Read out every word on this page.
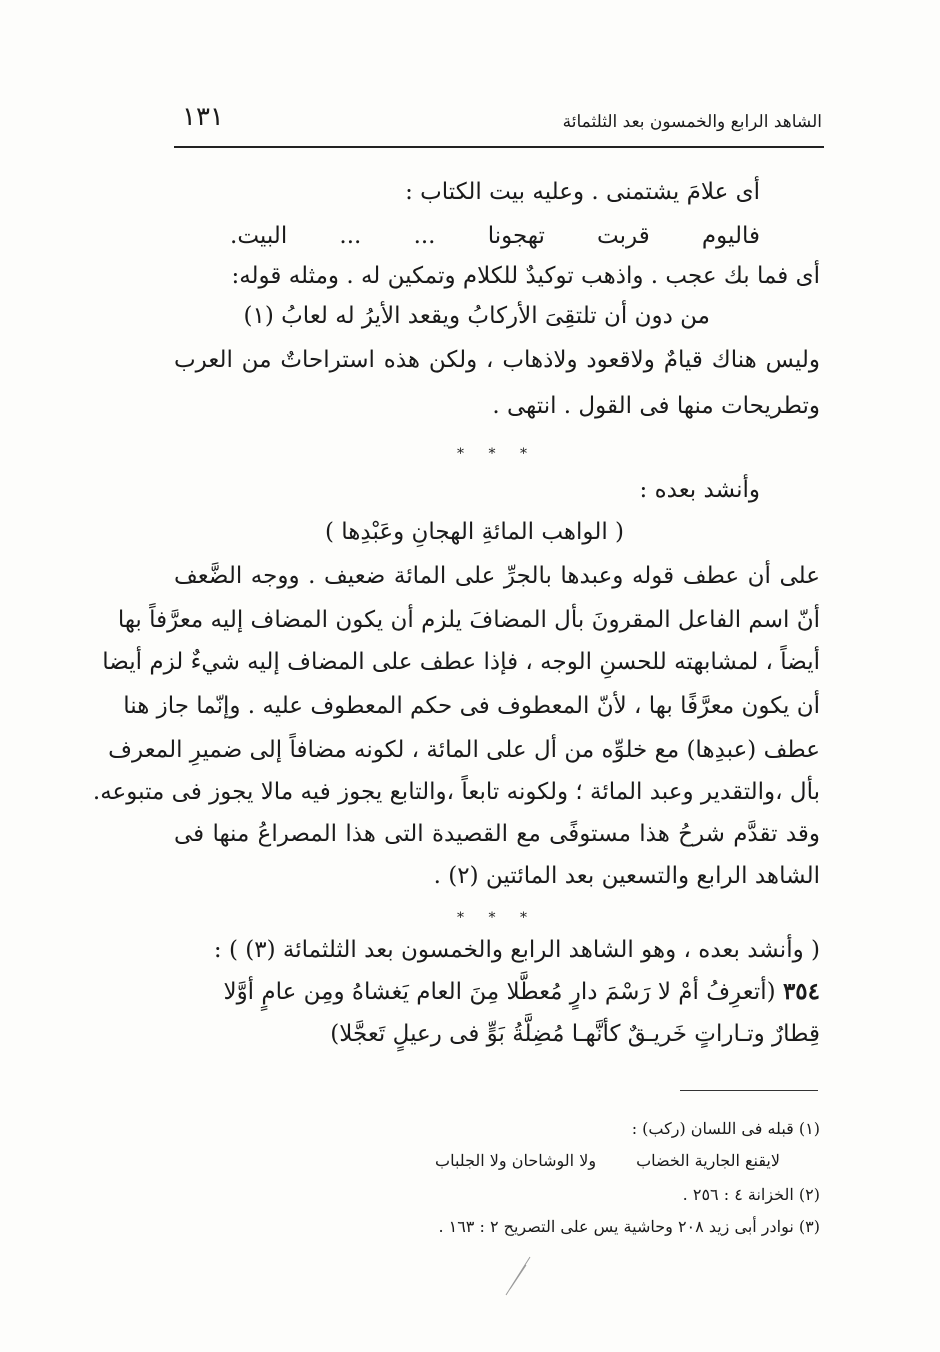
الشاهد الرابع والخمسون بعد الثلثمائة
١٣١
أى علامَ يشتمنى . وعليه بيت الكتاب :
فاليوم
قربت
تهجونا
...
...
البيت.
أى فما بك عجب . واذهب توكيدٌ للكلام وتمكين له . ومثله قوله:
من دون أن تلتقِىَ الأركابُ ويقعد الأيرُ له لعابُ (١)
وليس هناك قيامٌ ولاقعود ولاذهاب ، ولكن هذه استراحاتٌ من العرب
وتطريحات منها فى القول . انتهى .
* * *
وأنشد بعده :
( الواهب المائةِ الهجانِ وعَبْدِها )
على أن عطف قوله وعبدها بالجرِّ على المائة ضعيف . ووجه الضَّعف
أنّ اسم الفاعل المقرونَ بأل المضافَ يلزم أن يكون المضاف إليه معرَّفاً بها
أيضاً ، لمشابهته للحسنِ الوجه ، فإذا عطف على المضاف إليه شيءٌ لزم أيضا
أن يكون معرَّفًا بها ، لأنّ المعطوف فى حكم المعطوف عليه . وإنّما جاز هنا
عطف (عبدِها) مع خلوِّه من أل على المائة ، لكونه مضافاً إلى ضميرِ المعرف
بأل ،والتقدير وعبد المائة ؛ ولكونه تابعاً ،والتابع يجوز فيه مالا يجوز فى متبوعه.
وقد تقدَّم شرحُ هذا مستوفًى مع القصيدة التى هذا المصراعُ منها فى
الشاهد الرابع والتسعين بعد المائتين (٢) .
* * *
( وأنشد بعده ، وهو الشاهد الرابع والخمسون بعد الثلثمائة (٣) ) :
٣٥٤ (أتعرِفُ أمْ لا رَسْمَ دارٍ مُعطَّلا مِنَ العام يَغشاهُ ومِن عامٍ أوَّلا
قِطارٌ وتـاراتٍ خَريـقٌ كأنَّهـا مُضِلَّةُ بَوٍّ فى رعيلٍ تَعجَّلا)
(١) قبله فى اللسان (ركب) :
لايقنع الجارية الخضاب
ولا الوشاحان ولا الجلباب
(٢) الخزانة ٤ : ٢٥٦ .
(٣) نوادر أبى زيد ٢٠٨ وحاشية يس على التصريح ٢ : ١٦٣ .
